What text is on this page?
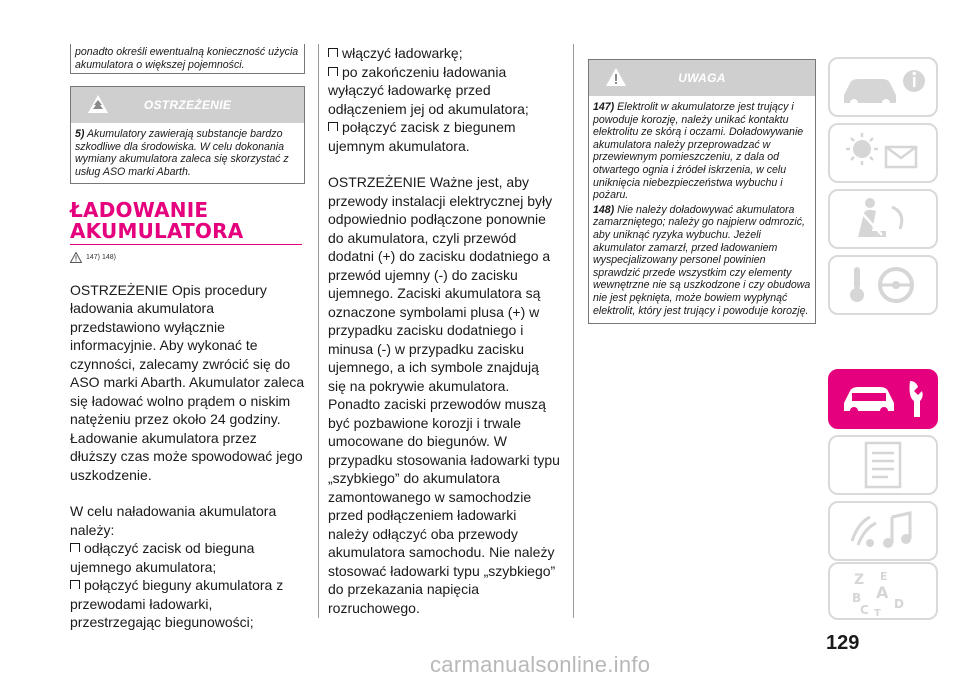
ponadto określi ewentualną konieczność użycia akumulatora o większej pojemności.
OSTRZEŻENIE
5) Akumulatory zawierają substancje bardzo szkodliwe dla środowiska. W celu dokonania wymiany akumulatora zaleca się skorzystać z usług ASO marki Abarth.
ŁADOWANIE
AKUMULATORA
147) 148)
OSTRZEŻENIE Opis procedury ładowania akumulatora przedstawiono wyłącznie informacyjnie. Aby wykonać te czynności, zalecamy zwrócić się do ASO marki Abarth. Akumulator zaleca się ładować wolno prądem o niskim natężeniu przez około 24 godziny. Ładowanie akumulatora przez dłuższy czas może spowodować jego uszkodzenie.
W celu naładowania akumulatora należy:
odłączyć zacisk od bieguna ujemnego akumulatora;
połączyć bieguny akumulatora z przewodami ładowarki, przestrzegając biegunowości;
włączyć ładowarkę;
po zakończeniu ładowania wyłączyć ładowarkę przed odłączeniem jej od akumulatora;
połączyć zacisk z biegunem ujemnym akumulatora.
OSTRZEŻENIE Ważne jest, aby przewody instalacji elektrycznej były odpowiednio podłączone ponownie do akumulatora, czyli przewód dodatni (+) do zacisku dodatniego a przewód ujemny (-) do zacisku ujemnego. Zaciski akumulatora są oznaczone symbolami plusa (+) w przypadku zacisku dodatniego i minusa (-) w przypadku zacisku ujemnego, a ich symbole znajdują się na pokrywie akumulatora. Ponadto zaciski przewodów muszą być pozbawione korozji i trwale umocowane do biegunów. W przypadku stosowania ładowarki typu „szybkiego” do akumulatora zamontowanego w samochodzie przed podłączeniem ładowarki należy odłączyć oba przewody akumulatora samochodu. Nie należy stosować ładowarki typu „szybkiego” do przekazania napięcia rozruchowego.
UWAGA
147) Elektrolit w akumulatorze jest trujący i powoduje korozję, należy unikać kontaktu elektrolitu ze skórą i oczami. Doładowywanie akumulatora należy przeprowadzać w przewiewnym pomieszczeniu, z dala od otwartego ognia i źródeł iskrzenia, w celu uniknięcia niebezpieczeństwa wybuchu i pożaru.
148) Nie należy doładowywać akumulatora zamarzniętego; należy go najpierw odmrozić, aby uniknąć ryzyka wybuchu. Jeżeli akumulator zamarzł, przed ładowaniem wyspecjalizowany personel powinien sprawdzić przede wszystkim czy elementy wewnętrzne nie są uszkodzone i czy obudowa nie jest pęknięta, może bowiem wypłynąć elektrolit, który jest trujący i powoduje korozję.
Z E
B A
C T
D
129
carmanualsonline.info
